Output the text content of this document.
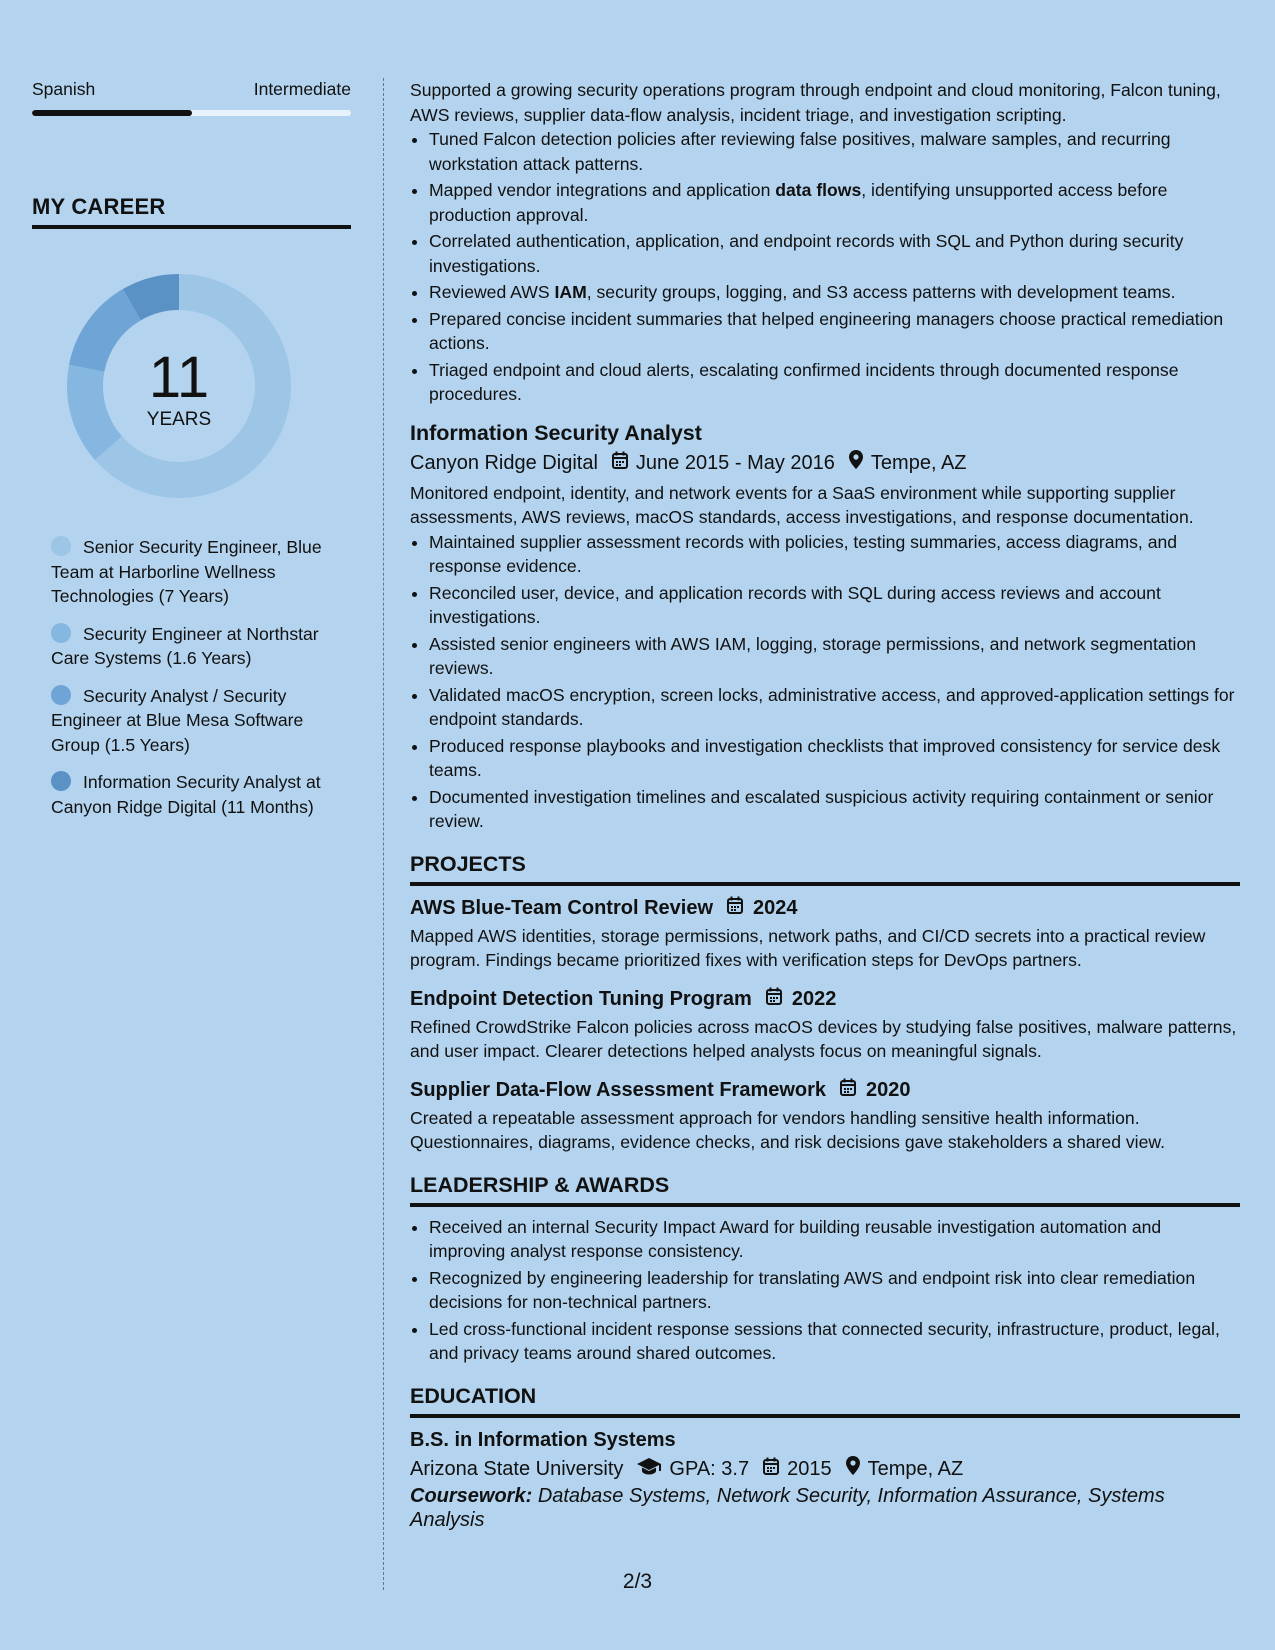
Spanish	Intermediate
MY CAREER
11
YEARS
Senior Security Engineer, Blue Team at Harborline Wellness Technologies (7 Years)
Security Engineer at Northstar Care Systems (1.6 Years)
Security Analyst / Security Engineer at Blue Mesa Software Group (1.5 Years)
Information Security Analyst at Canyon Ridge Digital (11 Months)

Supported a growing security operations program through endpoint and cloud monitoring, Falcon tuning, AWS reviews, supplier data-flow analysis, incident triage, and investigation scripting.

• Tuned Falcon detection policies after reviewing false positives, malware samples, and recurring workstation attack patterns.
• Mapped vendor integrations and application data flows, identifying unsupported access before production approval.
• Correlated authentication, application, and endpoint records with SQL and Python during security investigations.
• Reviewed AWS IAM, security groups, logging, and S3 access patterns with development teams.
• Prepared concise incident summaries that helped engineering managers choose practical remediation actions.
• Triaged endpoint and cloud alerts, escalating confirmed incidents through documented response procedures.
Information Security Analyst
Canyon Ridge Digital June 2015 - May 2016 Tempe, AZ

Monitored endpoint, identity, and network events for a SaaS environment while supporting supplier assessments, AWS reviews, macOS standards, access investigations, and response documentation.

• Maintained supplier assessment records with policies, testing summaries, access diagrams, and response evidence.
• Reconciled user, device, and application records with SQL during access reviews and account investigations.
• Assisted senior engineers with AWS IAM, logging, storage permissions, and network segmentation reviews.
• Validated macOS encryption, screen locks, administrative access, and approved-application settings for endpoint standards.
• Produced response playbooks and investigation checklists that improved consistency for service desk teams.
• Documented investigation timelines and escalated suspicious activity requiring containment or senior review.
PROJECTS
AWS Blue-Team Control Review 2024

Mapped AWS identities, storage permissions, network paths, and CI/CD secrets into a practical review program. Findings became prioritized fixes with verification steps for DevOps partners.

Endpoint Detection Tuning Program 2022

Refined CrowdStrike Falcon policies across macOS devices by studying false positives, malware patterns, and user impact. Clearer detections helped analysts focus on meaningful signals.

Supplier Data-Flow Assessment Framework 2020

Created a repeatable assessment approach for vendors handling sensitive health information. Questionnaires, diagrams, evidence checks, and risk decisions gave stakeholders a shared view.

LEADERSHIP & AWARDS
• Received an internal Security Impact Award for building reusable investigation automation and improving analyst response consistency.
• Recognized by engineering leadership for translating AWS and endpoint risk into clear remediation decisions for non-technical partners.
• Led cross-functional incident response sessions that connected security, infrastructure, product, legal, and privacy teams around shared outcomes.
EDUCATION
B.S. in Information Systems
Arizona State University GPA: 3.7 2015 Tempe, AZ
Coursework: Database Systems, Network Security, Information Assurance, Systems Analysis
2/3
